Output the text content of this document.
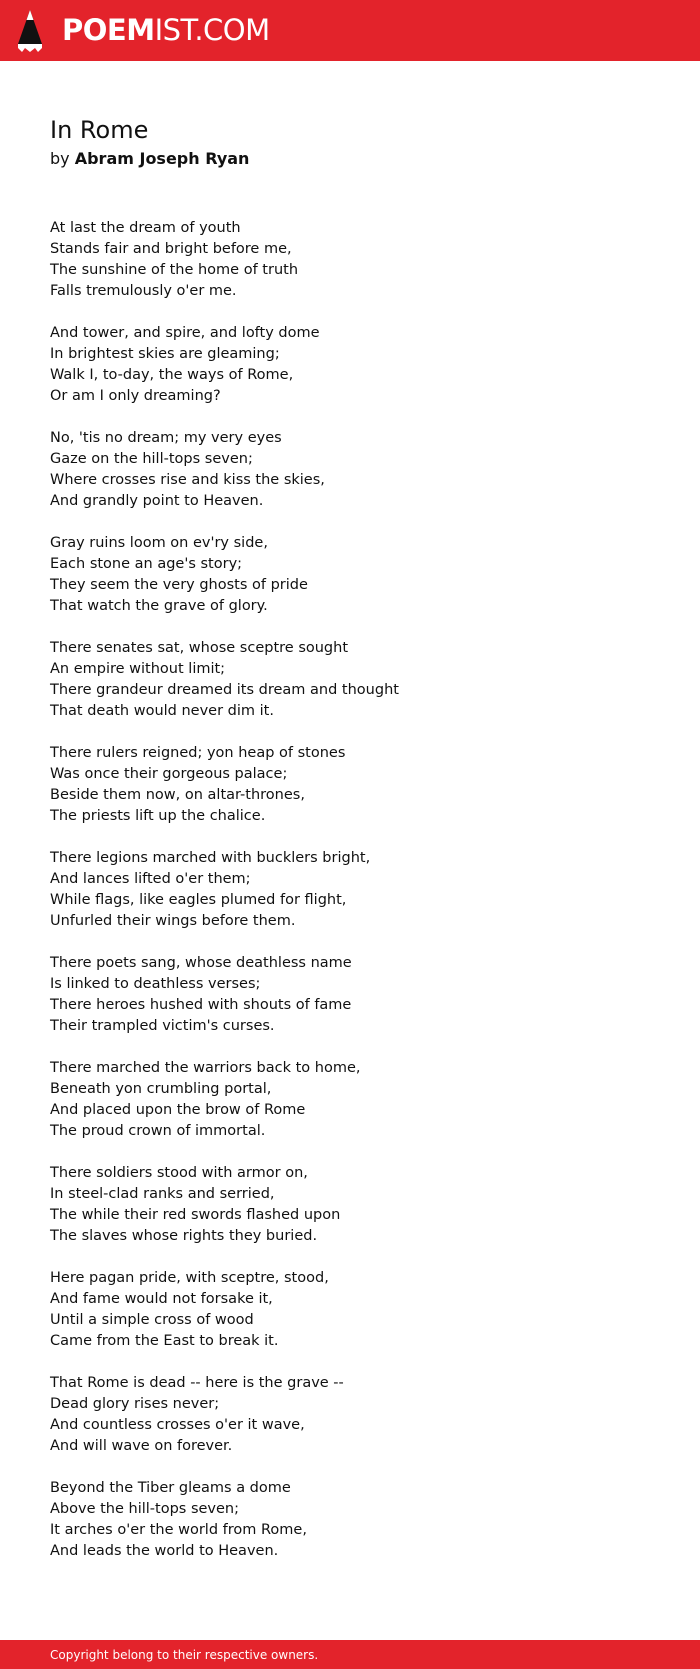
POEMIST.COM
In Rome
by Abram Joseph Ryan
At last the dream of youth
Stands fair and bright before me,
The sunshine of the home of truth
Falls tremulously o'er me.
And tower, and spire, and lofty dome
In brightest skies are gleaming;
Walk I, to-day, the ways of Rome,
Or am I only dreaming?
No, 'tis no dream; my very eyes
Gaze on the hill-tops seven;
Where crosses rise and kiss the skies,
And grandly point to Heaven.
Gray ruins loom on ev'ry side,
Each stone an age's story;
They seem the very ghosts of pride
That watch the grave of glory.
There senates sat, whose sceptre sought
An empire without limit;
There grandeur dreamed its dream and thought
That death would never dim it.
There rulers reigned; yon heap of stones
Was once their gorgeous palace;
Beside them now, on altar-thrones,
The priests lift up the chalice.
There legions marched with bucklers bright,
And lances lifted o'er them;
While flags, like eagles plumed for flight,
Unfurled their wings before them.
There poets sang, whose deathless name
Is linked to deathless verses;
There heroes hushed with shouts of fame
Their trampled victim's curses.
There marched the warriors back to home,
Beneath yon crumbling portal,
And placed upon the brow of Rome
The proud crown of immortal.
There soldiers stood with armor on,
In steel-clad ranks and serried,
The while their red swords flashed upon
The slaves whose rights they buried.
Here pagan pride, with sceptre, stood,
And fame would not forsake it,
Until a simple cross of wood
Came from the East to break it.
That Rome is dead -- here is the grave --
Dead glory rises never;
And countless crosses o'er it wave,
And will wave on forever.
Beyond the Tiber gleams a dome
Above the hill-tops seven;
It arches o'er the world from Rome,
And leads the world to Heaven.
Copyright belong to their respective owners.
